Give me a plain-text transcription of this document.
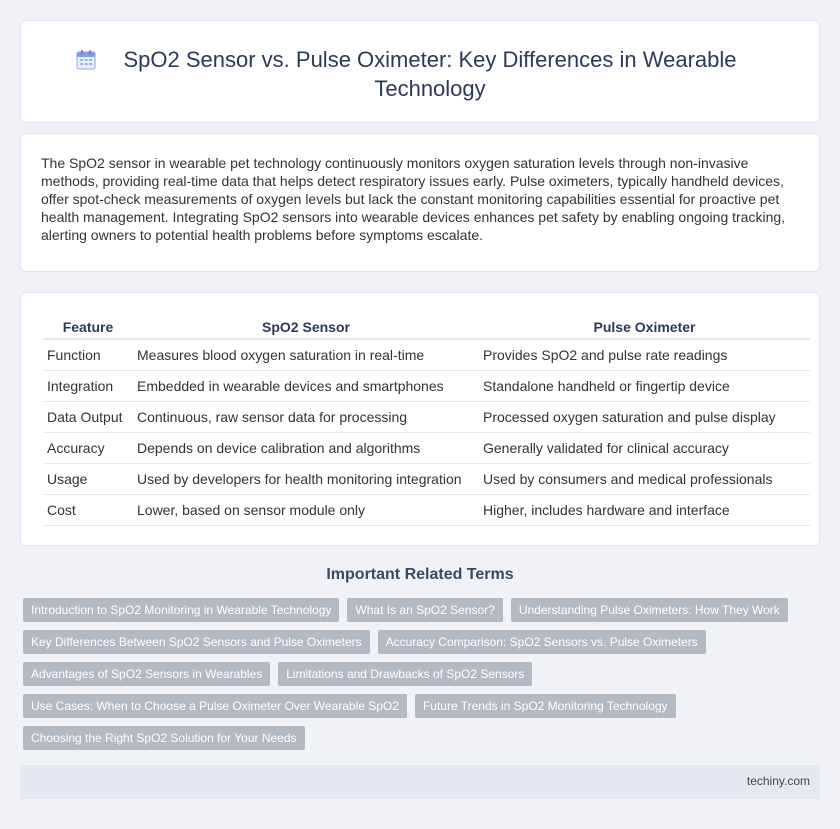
SpO2 Sensor vs. Pulse Oximeter: Key Differences in Wearable Technology

The SpO2 sensor in wearable pet technology continuously monitors oxygen saturation levels through non-invasive methods, providing real-time data that helps detect respiratory issues early. Pulse oximeters, typically handheld devices, offer spot-check measurements of oxygen levels but lack the constant monitoring capabilities essential for proactive pet health management. Integrating SpO2 sensors into wearable devices enhances pet safety by enabling ongoing tracking, alerting owners to potential health problems before symptoms escalate.

Feature	SpO2 Sensor	Pulse Oximeter
Function	Measures blood oxygen saturation in real-time	Provides SpO2 and pulse rate readings
Integration	Embedded in wearable devices and smartphones	Standalone handheld or fingertip device
Data Output	Continuous, raw sensor data for processing	Processed oxygen saturation and pulse display
Accuracy	Depends on device calibration and algorithms	Generally validated for clinical accuracy
Usage	Used by developers for health monitoring integration	Used by consumers and medical professionals
Cost	Lower, based on sensor module only	Higher, includes hardware and interface
Important Related Terms
Introduction to SpO2 Monitoring in Wearable Technology	What Is an SpO2 Sensor?	Understanding Pulse Oximeters: How They Work
Key Differences Between SpO2 Sensors and Pulse Oximeters	Accuracy Comparison: SpO2 Sensors vs. Pulse Oximeters
Advantages of SpO2 Sensors in Wearables	Limitations and Drawbacks of SpO2 Sensors
Use Cases: When to Choose a Pulse Oximeter Over Wearable SpO2	Future Trends in SpO2 Monitoring Technology
Choosing the Right SpO2 Solution for Your Needs
techiny.com
